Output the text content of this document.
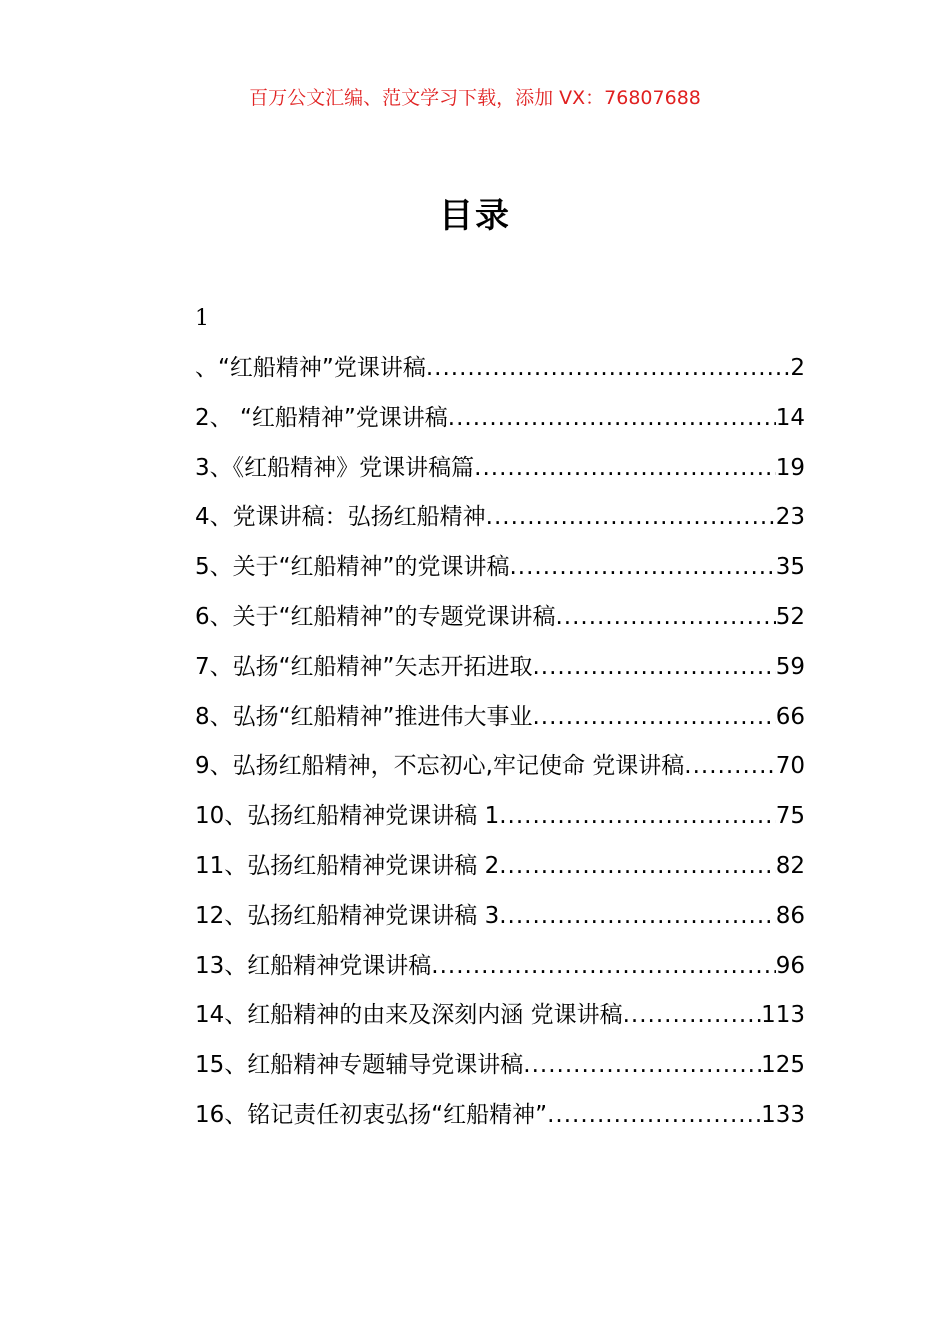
百万公文汇编、范文学习下载，添加 VX：76807688
目录
1
、“红船精神”党课讲稿 .....	2
2、 “红船精神”党课讲稿 .....	14
3、《红船精神》党课讲稿篇 .....	19
4、党课讲稿：弘扬红船精神 .....	23
5、关于“红船精神”的党课讲稿 .....	35
6、关于“红船精神”的专题党课讲稿 .....	52
7、弘扬“红船精神”矢志开拓进取 .....	59
8、弘扬“红船精神”推进伟大事业 .....	66
9、弘扬红船精神，不忘初心,牢记使命 党课讲稿 .....	70
10、弘扬红船精神党课讲稿 1 .....	75
11、弘扬红船精神党课讲稿 2 .....	82
12、弘扬红船精神党课讲稿 3 .....	86
13、红船精神党课讲稿 .....	96
14、红船精神的由来及深刻内涵 党课讲稿 .....	113
15、红船精神专题辅导党课讲稿 .....	125
16、铭记责任初衷弘扬“红船精神” .....	133
